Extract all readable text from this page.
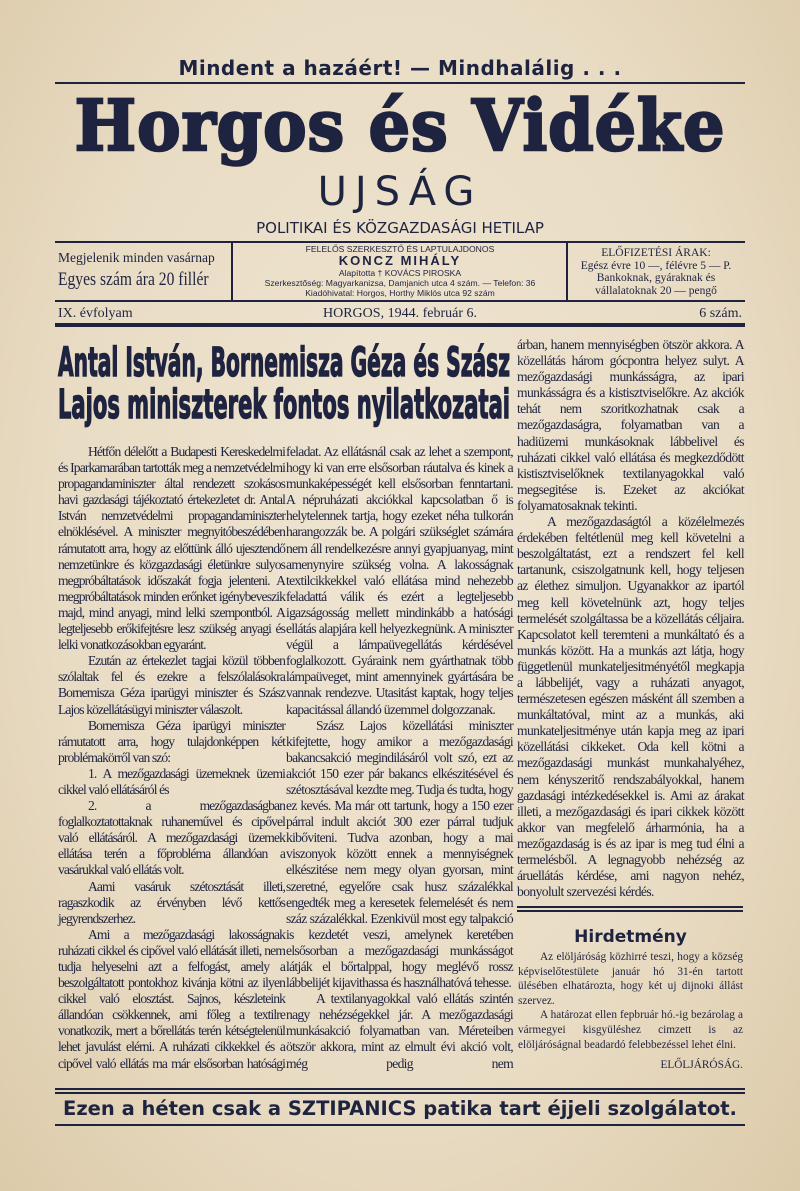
Mindent a hazáért! — Mindhalálig . . .
Horgos és Vidéke
UJSÁG
POLITIKAI ÉS KÖZGAZDASÁGI HETILAP
Megjelenik minden vasárnap
Egyes szám ára 20 fillér
FELELŐS SZERKESZTŐ ÉS LAPTULAJDONOS
KONCZ MIHÁLY
Alapította † KOVÁCS PIROSKA
Szerkesztőség: Magyarkanizsa, Damjanich utca 4 szám. — Telefon: 36
Kiadóhivatal: Horgos, Horthy Miklós utca 92 szám
ELŐFIZETÉSI ÁRAK:
Egész évre 10 —, félévre 5 — P.
Bankoknak, gyáraknak és vállalatoknak 20 — pengő
IX. évfolyam	HORGOS, 1944. február 6.	6 szám.
Antal István, Bornemisza Géza és Szász
Lajos miniszterek fontos nyilatkozatai

Hétfőn délelőtt a Budapesti Kereskedelmi és Iparkamarában tartották meg a nemzetvédelmi propagandaminiszter által rendezett szokásos havi gazdasági tájékoztató értekezletet dr. Antal István nemzetvédelmi propagandaminiszter elnöklésével. A miniszter megnyitóbeszédében rámutatott arra, hogy az előttünk álló ujesztendő nemzetünkre és közgazdasági életünkre sulyos megpróbáltatások időszakát fogja jelenteni. A megpróbáltatások minden erőnket igénybeveszik majd, mind anyagi, mind lelki szempontból. A legteljesebb erőkifejtésre lesz szükség anyagi és lelki vonatkozásokban egyaránt.

Ezután az értekezlet tagjai közül többen szólaltak fel és ezekre a felszólalásokra Bornemisza Géza iparügyi miniszter és Szász Lajos közellátásügyi miniszter válaszolt.

Bornemisza Géza iparügyi miniszter rámutatott arra, hogy tulajdonképpen két problémakörről van szó:

1. A mezőgazdasági üzemeknek üzemi cikkel való ellátásáról és

2. a mezőgazdaságban foglalkoztatottaknak ruhaneművel és cipővel való ellátásáról. A mezőgazdasági üzemek ellátása terén a főprobléma állandóan a vasárukkal való ellátás volt.

Aami vasáruk szétosztását illeti, ragaszkodik az érvényben lévő kettős jegyrendszerhez.

Ami a mezőgazdasági lakosságnak ruházati cikkel és cipővel való ellátását illeti, nem tudja helyeselni azt a felfogást, amely a beszolgáltatott pontokhoz kivánja kötni az ilyen cikkel való elosztást. Sajnos, készleteink állandóan csökkennek, ami főleg a textilre vonatkozik, mert a bőrellátás terén kétségtelenül lehet javulást elérni. A ruházati cikkekkel és a cipővel való ellátás ma már elsősorban hatósági

feladat. Az ellátásnál csak az lehet a szempont, hogy ki van erre elsősorban ráutalva és kinek a munkaképességét kell elsősorban fenntartani. A népruházati akciókkal kapcsolatban ő is helytelennek tartja, hogy ezeket néha tulkorán harangozzák be. A polgári szükséglet számára nem áll rendelkezésre annyi gyapjuanyag, mint amenynyire szükség volna. A lakosságnak textilcikkekkel való ellátása mind nehezebb feladattá válik és ezért a legteljesebb igazságosság mellett mindinkább a hatósági ellátás alapjára kell helyezkegnünk. A miniszter végül a lámpaüvegellátás kérdésével foglalkozott. Gyáraink nem gyárthatnak több lámpaüveget, mint amennyinek gyártására be vannak rendezve. Utasitást kaptak, hogy teljes kapacitással állandó üzemmel dolgozzanak.

Szász Lajos közellátási miniszter kifejtette, hogy amikor a mezőgazdasági bakancsakció megindilásáról volt szó, ezt az akciót 150 ezer pár bakancs elkészitésével és szétosztásával kezdte meg. Tudja és tudta, hogy ez kevés. Ma már ott tartunk, hogy a 150 ezer párral indult akciót 300 ezer párral tudjuk kibőviteni. Tudva azonban, hogy a mai viszonyok között ennek a mennyiségnek elkészitése nem megy olyan gyorsan, mint szeretné, egyelőre csak husz százalékkal engedték meg a keresetek felemelését és nem száz százalékkal. Ezenkivül most egy talpakció is kezdetét veszi, amelynek keretében elsősorban a mezőgazdasági munkásságot látják el bőrtalppal, hogy meglévő rossz lábbelijét kijavithassa és használhatóvá tehesse.

A textilanyagokkal való ellátás szintén nagy nehézségekkel jár. A mezőgazdasági munkásakció folyamatban van. Méreteiben ötször akkora, mint az elmult évi akció volt, még pedig nem

árban, hanem mennyiségben ötször akkora. A közellátás három gócpontra helyez sulyt. A mezőgazdasági munkásságra, az ipari munkásságra és a kistisztviselőkre. Az akciók tehát nem szoritkozhatnak csak a mezőgazdaságra, folyamatban van a hadiüzemi munkásoknak lábbelivel és ruházati cikkel való ellátása és megkezdődött kistisztviselőknek textilanyagokkal való megsegitése is. Ezeket az akciókat folyamatosaknak tekinti.

A mezőgazdaságtól a közélelmezés érdekében feltétlenül meg kell követelni a beszolgáltatást, ezt a rendszert fel kell tartanunk, csiszolgatnunk kell, hogy teljesen az élethez simuljon. Ugyanakkor az ipartól meg kell követelnünk azt, hogy teljes termelését szolgáltassa be a közellátás céljaira. Kapcsolatot kell teremteni a munkáltató és a munkás között. Ha a munkás azt látja, hogy függetlenül munkateljesitményétől megkapja a lábbelijét, vagy a ruházati anyagot, természetesen egészen másként áll szemben a munkáltatóval, mint az a munkás, aki munkateljesitménye után kapja meg az ipari közellátási cikkeket. Oda kell kötni a mezőgazdasági munkást munkahalyéhez, nem kényszeritő rendszabályokkal, hanem gazdasági intézkedésekkel is. Ami az árakat illeti, a mezőgazdasági és ipari cikkek között akkor van megfelelő árharmónia, ha a mezőgazdaság is és az ipar is meg tud élni a termelésből. A legnagyobb nehézség az áruellátás kérdése, ami nagyon nehéz, bonyolult szervezési kérdés.

Hirdetmény

Az elöljáróság közhirré teszi, hogy a község képviselőtestülete január hó 31-én tartott ülésében elhatározta, hogy két uj dijnoki állást szervez.

A határozat ellen fepbruár hó.-ig bezárolag a vármegyei kisgyüléshez cimzett is az elöljáróságnal beadardó felebbezéssel lehet élni.

ELŐLJÁRÓSÁG.

Ezen a héten csak a SZTIPANICS patika tart éjjeli szolgálatot.
